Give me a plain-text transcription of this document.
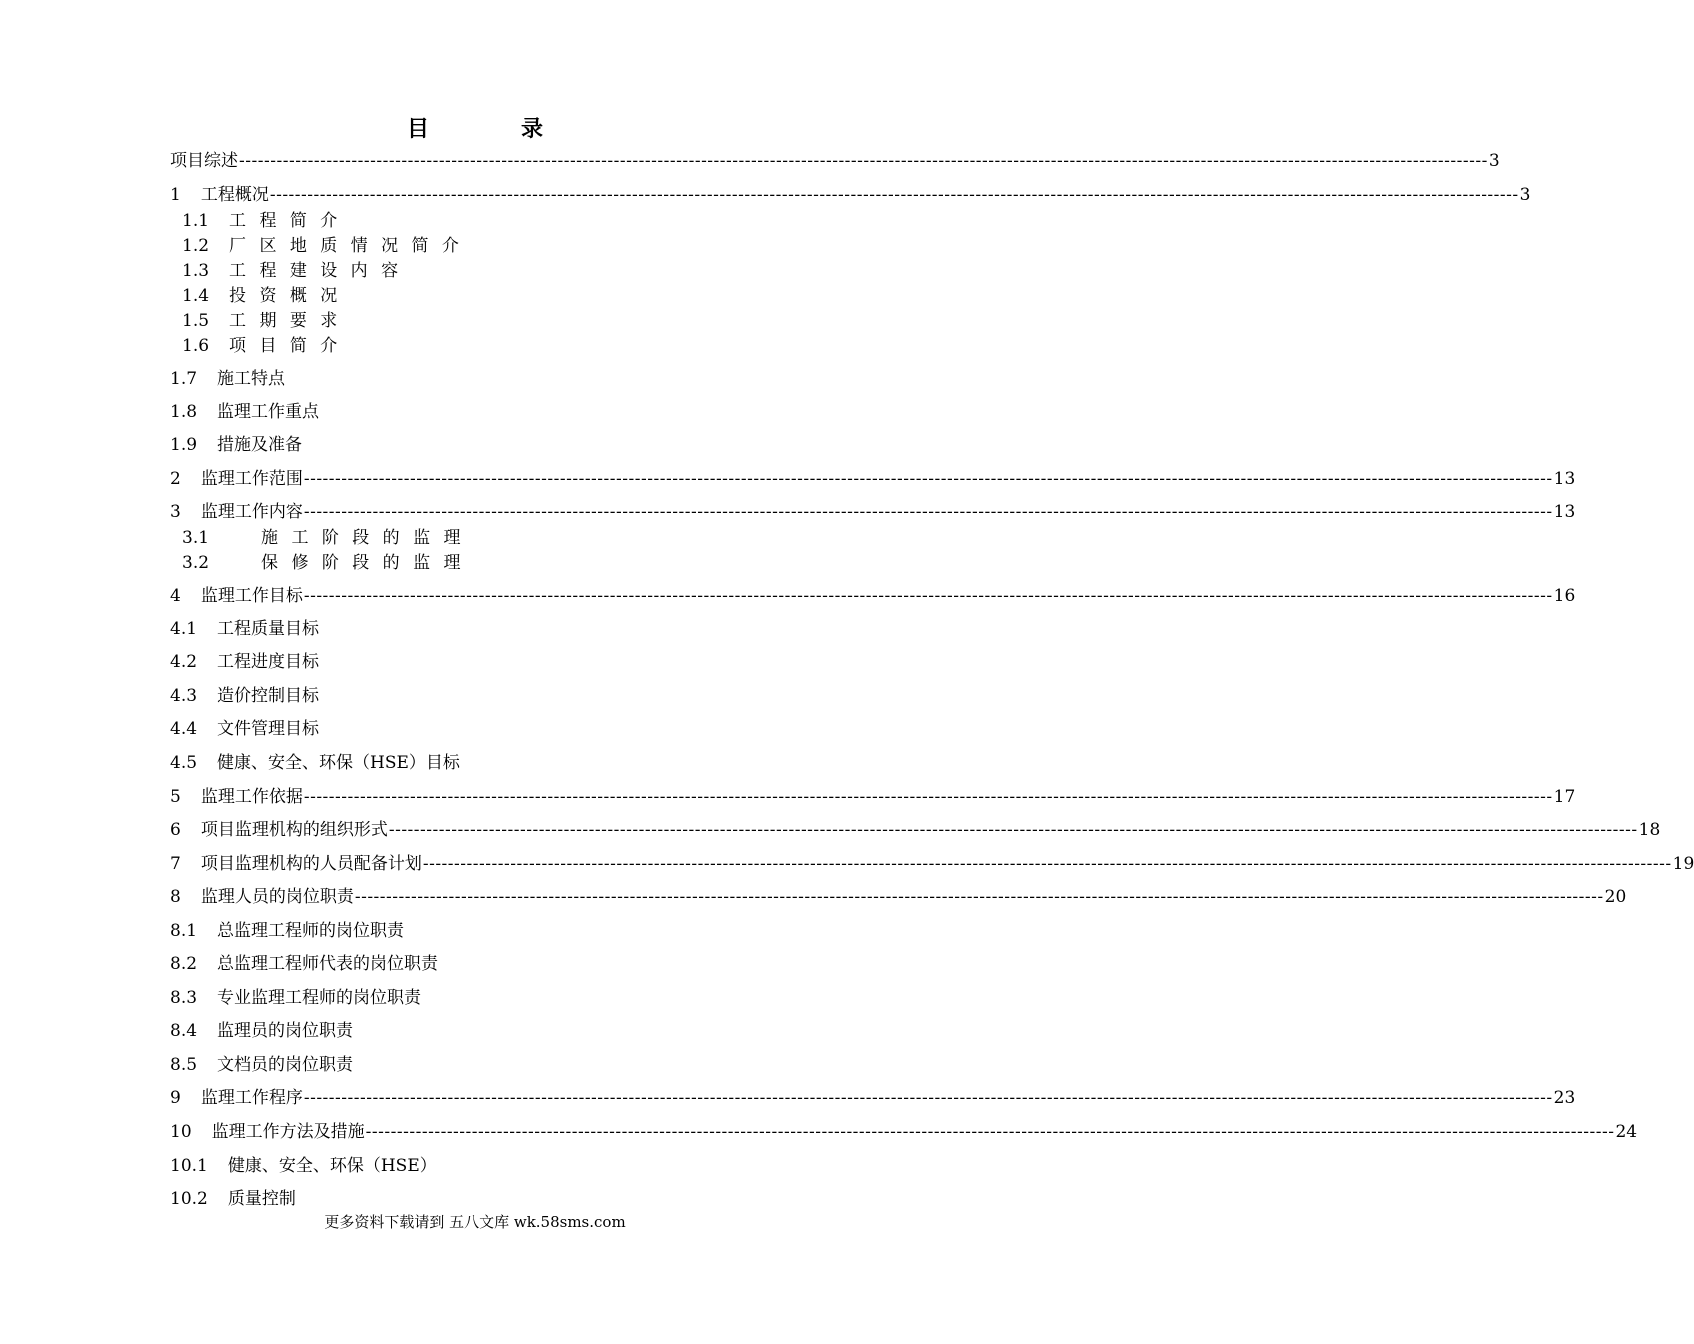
目	录
项目综述 -------------------------------------------------------------------------------------------------------------------------------------------------------------------------------------------------------- 3
1 工程概况 -------------------------------------------------------------------------------------------------------------------------------------------------------------------------------------------------------- 3
1.1 工 程 简 介
1.2 厂 区 地 质 情 况 简 介
1.3 工 程 建 设 内 容
1.4 投 资 概 况
1.5 工 期 要 求
1.6 项 目 简 介
1.7 施工特点
1.8 监理工作重点
1.9 措施及准备
2 监理工作范围 -------------------------------------------------------------------------------------------------------------------------------------------------------------------------------------------------------- 13
3 监理工作内容 -------------------------------------------------------------------------------------------------------------------------------------------------------------------------------------------------------- 13
3.1	施 工 阶 段 的 监 理
3.2	保 修 阶 段 的 监 理
4 监理工作目标 -------------------------------------------------------------------------------------------------------------------------------------------------------------------------------------------------------- 16
4.1 工程质量目标
4.2 工程进度目标
4.3 造价控制目标
4.4 文件管理目标
4.5 健康、安全、环保（HSE）目标
5 监理工作依据 -------------------------------------------------------------------------------------------------------------------------------------------------------------------------------------------------------- 17
6 项目监理机构的组织形式 -------------------------------------------------------------------------------------------------------------------------------------------------------------------------------------------------------- 18
7 项目监理机构的人员配备计划 -------------------------------------------------------------------------------------------------------------------------------------------------------------------------------------------------------- 19
8 监理人员的岗位职责 -------------------------------------------------------------------------------------------------------------------------------------------------------------------------------------------------------- 20
8.1 总监理工程师的岗位职责
8.2 总监理工程师代表的岗位职责
8.3 专业监理工程师的岗位职责
8.4 监理员的岗位职责
8.5 文档员的岗位职责
9 监理工作程序 -------------------------------------------------------------------------------------------------------------------------------------------------------------------------------------------------------- 23
10 监理工作方法及措施 -------------------------------------------------------------------------------------------------------------------------------------------------------------------------------------------------------- 24
10.1 健康、安全、环保（HSE）
10.2 质量控制
更多资料下载请到 五八文库 wk.58sms.com
